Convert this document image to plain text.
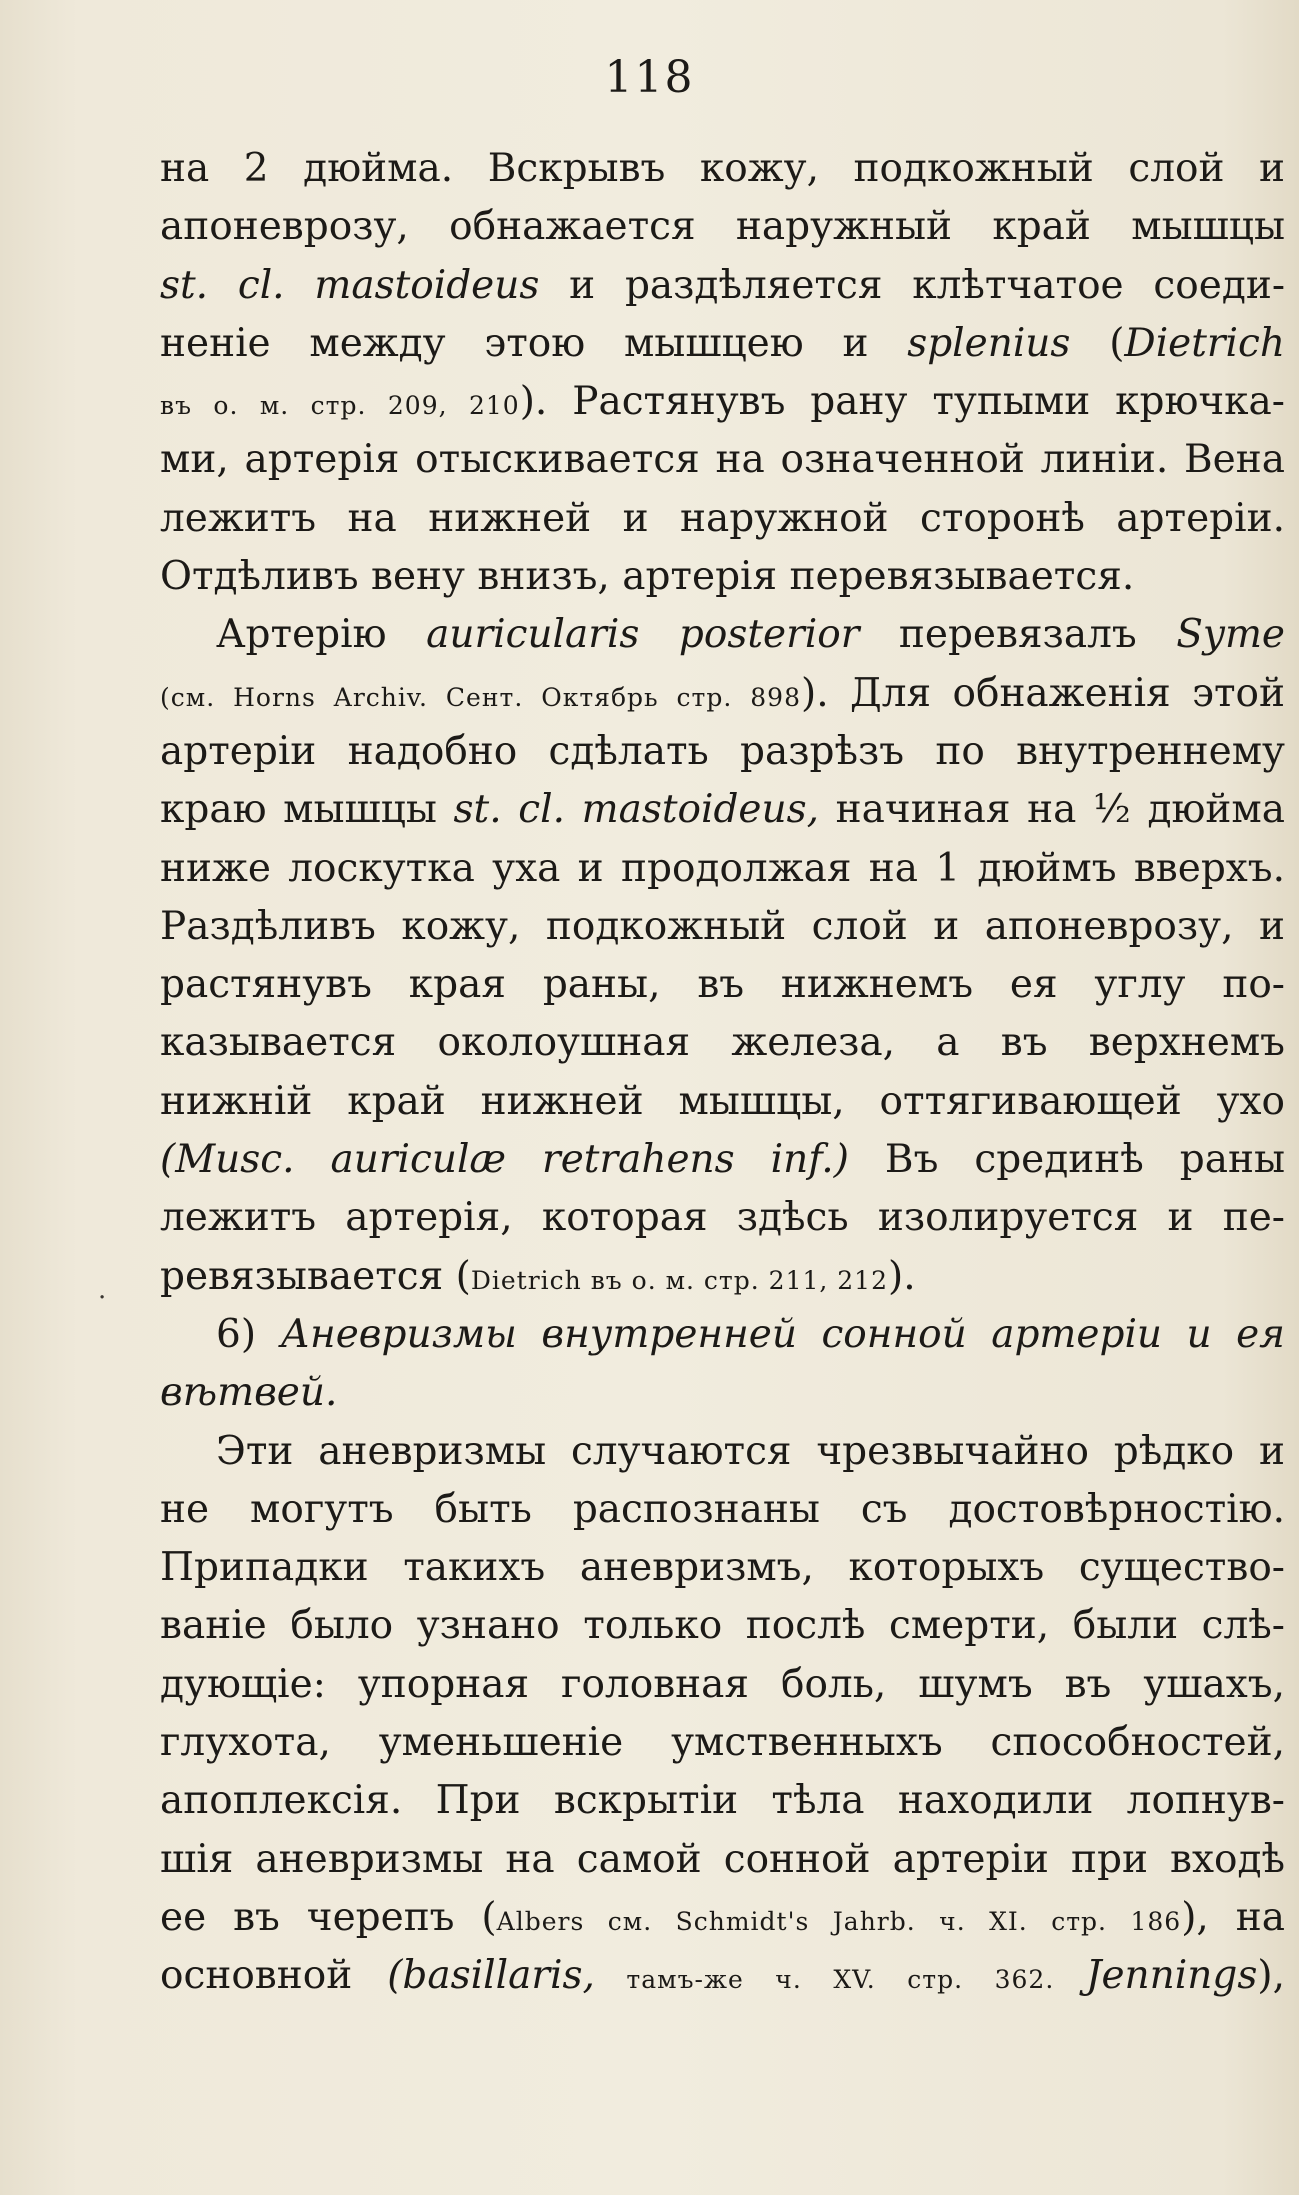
118
на 2 дюйма. Вскрывъ кожу, подкожный слой и
апоневрозу, обнажается наружный край мышцы
st. cl. mastoideus и раздѣляется клѣтчатое соеди-
неніе между этою мышцею и splenius (Dietrich
въ о. м. стр. 209, 210). Растянувъ рану тупыми крючка-
ми, артерія отыскивается на означенной линіи. Вена
лежитъ на нижней и наружной сторонѣ артеріи.
Отдѣливъ вену внизъ, артерія перевязывается.
Артерію auricularis posterior перевязалъ Syme
(см. Horns Archiv. Сент. Октябрь стр. 898). Для обнаженія этой
артеріи надобно сдѣлать разрѣзъ по внутреннему
краю мышцы st. cl. mastoideus, начиная на ½ дюйма
ниже лоскутка уха и продолжая на 1 дюймъ вверхъ.
Раздѣливъ кожу, подкожный слой и апоневрозу, и
растянувъ края раны, въ нижнемъ ея углу по-
казывается околоушная железа, а въ верхнемъ
нижній край нижней мышцы, оттягивающей ухо
(Musc. auriculæ retrahens inf.) Въ срединѣ раны
лежитъ артерія, которая здѣсь изолируется и пе-
ревязывается (Dietrich въ о. м. стр. 211, 212).
6) Аневризмы внутренней сонной артеріи и ея
вѣтвей.
Эти аневризмы случаются чрезвычайно рѣдко и
не могутъ быть распознаны съ достовѣрностію.
Припадки такихъ аневризмъ, которыхъ существо-
ваніе было узнано только послѣ смерти, были слѣ-
дующіе: упорная головная боль, шумъ въ ушахъ,
глухота, уменьшеніе умственныхъ способностей,
апоплексія. При вскрытіи тѣла находили лопнув-
шія аневризмы на самой сонной артеріи при входѣ
ее въ черепъ (Albers см. Schmidt's Jahrb. ч. XI. стр. 186), на
основной (basillaris, тамъ-же ч. XV. стр. 362. Jennings),
·
